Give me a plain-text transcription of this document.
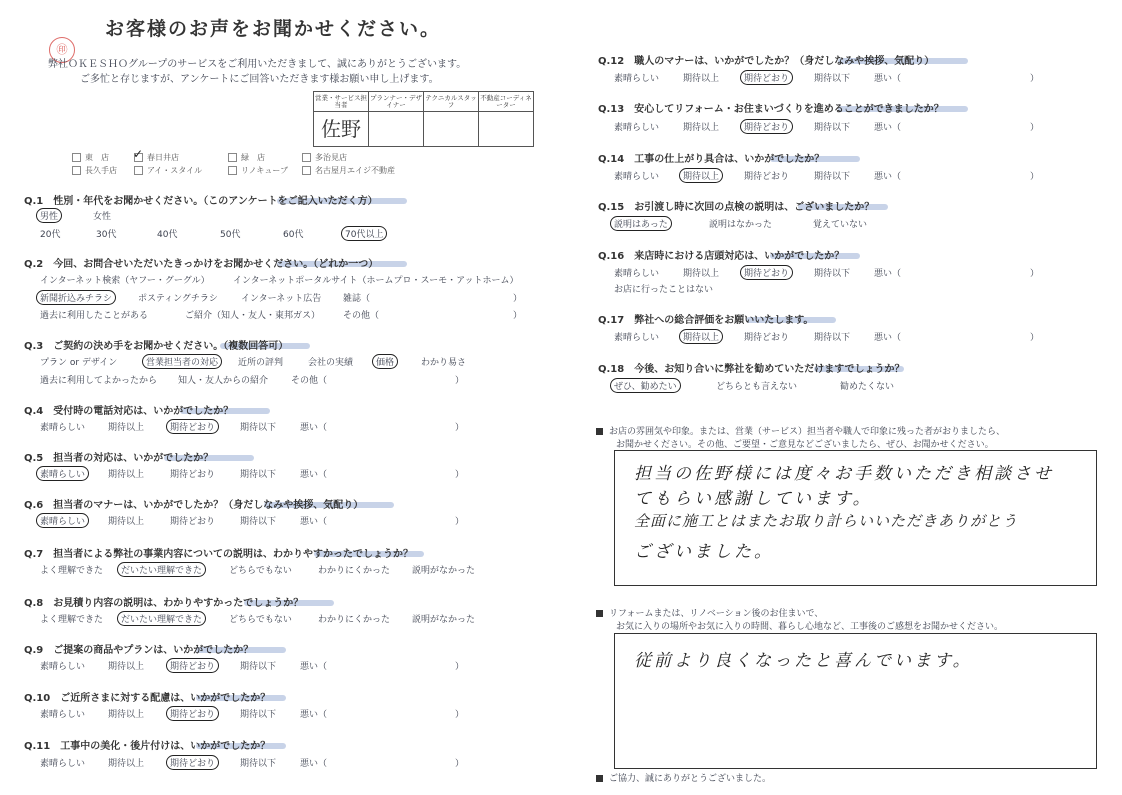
お客様のお声をお聞かせください。
㊞
弊社ＯＫＥＳＨＯグループのサービスをご利用いただきまして、誠にありがとうございます。
ご多忙と存じますが、アンケートにご回答いただきます様お願い申し上げます。
営業・サービス担当者	プランナー・デザイナー	テクニカルスタッフ	不動産コーディネーター
佐野			
東　店 ✓ 春日井店	緑　店	多治見店
長久手店	アイ・スタイル	リノキューブ	名古屋月エイジ不動産
Q.1　性別・年代をお聞かせください。（このアンケートをご記入いただく方）
男性	女性
20代	30代	40代	50代	60代	70代以上
Q.2　今回、お問合せいただいたきっかけをお聞かせください。（どれか一つ）
インターネット検索（ヤフー・グーグル）	インターネットポータルサイト（ホームプロ・スーモ・アットホーム）
新聞折込みチラシ	ポスティングチラシ	インターネット広告 雑誌（	）
過去に利用したことがある	ご紹介（知人・友人・東邦ガス）	その他（	）
Q.3　ご契約の決め手をお聞かせください。（複数回答可）
プラン or デザイン	営業担当者の対応	近所の評判	会社の実績	価格	わかり易さ
過去に利用してよかったから 知人・友人からの紹介	その他（	）
Q.4　受付時の電話対応は、いかがでしたか？
素晴らしい	期待以上	期待どおり	期待以下	悪い（	）
Q.5　担当者の対応は、いかがでしたか？
素晴らしい	期待以上	期待どおり	期待以下	悪い（	）
Q.6　担当者のマナーは、いかがでしたか？（身だしなみや挨拶、気配り）
素晴らしい	期待以上	期待どおり	期待以下	悪い（	）
Q.7　担当者による弊社の事業内容についての説明は、わかりやすかったでしょうか？
よく理解できた	だいたい理解できた	どちらでもない	わかりにくかった 説明がなかった
Q.8　お見積り内容の説明は、わかりやすかったでしょうか？
よく理解できた	だいたい理解できた	どちらでもない	わかりにくかった 説明がなかった
Q.9　ご提案の商品やプランは、いかがでしたか？
素晴らしい	期待以上	期待どおり	期待以下	悪い（	）
Q.10　ご近所さまに対する配慮は、いかがでしたか？
素晴らしい	期待以上	期待どおり	期待以下	悪い（	）
Q.11　工事中の美化・後片付けは、いかがでしたか？
素晴らしい	期待以上	期待どおり	期待以下	悪い（	）
Q.12　職人のマナーは、いかがでしたか？（身だしなみや挨拶、気配り）
素晴らしい	期待以上	期待どおり	期待以下	悪い（	）
Q.13　安心してリフォーム・お住まいづくりを進めることができましたか？
素晴らしい	期待以上	期待どおり	期待以下	悪い（	）
Q.14　工事の仕上がり具合は、いかがでしたか？
素晴らしい	期待以上	期待どおり	期待以下	悪い（	）
Q.15　お引渡し時に次回の点検の説明は、ございましたか？
説明はあった	説明はなかった	覚えていない
Q.16　来店時における店頭対応は、いかがでしたか？
素晴らしい	期待以上	期待どおり	期待以下	悪い（	）
お店に行ったことはない
Q.17　弊社への総合評価をお願いいたします。
素晴らしい	期待以上	期待どおり	期待以下	悪い（	）
Q.18　今後、お知り合いに弊社を勧めていただけますでしょうか？
ぜひ、勧めたい	どちらとも言えない	勧めたくない
お店の雰囲気や印象。または、営業（サービス）担当者や職人で印象に残った者がおりましたら、
お聞かせください。その他、ご要望・ご意見などございましたら、ぜひ、お聞かせください。
担当の佐野様には度々お手数いただき相談させ
てもらい感謝しています。
全面に施工とはまたお取り計らいいただきありがとう
ございました。
リフォームまたは、リノベーション後のお住まいで、
お気に入りの場所やお気に入りの時間、暮らし心地など、工事後のご感想をお聞かせください。
従前より良くなったと喜んでいます。
ご協力、誠にありがとうございました。
